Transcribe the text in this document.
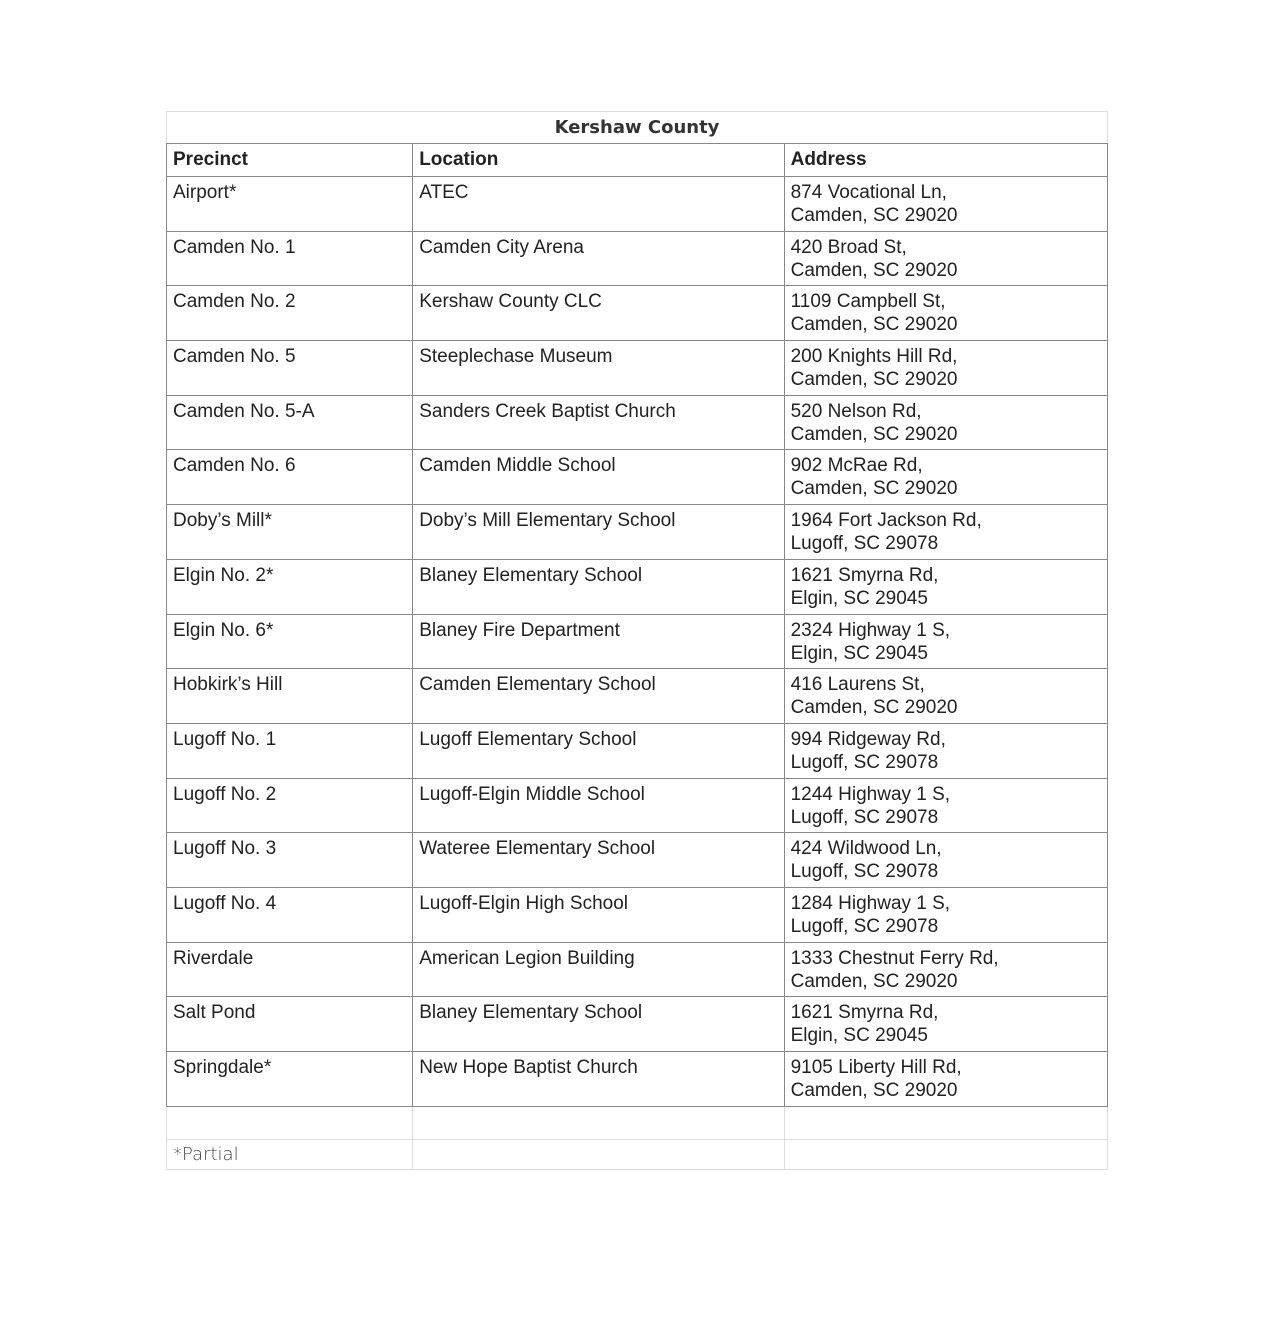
Kershaw County		
Precinct	Location	Address
Airport*	ATEC	874 Vocational Ln,
Camden, SC 29020

Camden No. 1	Camden City Arena	420 Broad St,
Camden, SC 29020

Camden No. 2	Kershaw County CLC	1109 Campbell St,
Camden, SC 29020

Camden No. 5	Steeplechase Museum	200 Knights Hill Rd,
Camden, SC 29020

Camden No. 5-A	Sanders Creek Baptist Church	520 Nelson Rd,
Camden, SC 29020

Camden No. 6	Camden Middle School	902 McRae Rd,
Camden, SC 29020

Doby’s Mill*	Doby’s Mill Elementary School	1964 Fort Jackson Rd,
Lugoff, SC 29078

Elgin No. 2*	Blaney Elementary School	1621 Smyrna Rd,
Elgin, SC 29045

Elgin No. 6*	Blaney Fire Department	2324 Highway 1 S,
Elgin, SC 29045

Hobkirk’s Hill	Camden Elementary School	416 Laurens St,
Camden, SC 29020

Lugoff No. 1	Lugoff Elementary School	994 Ridgeway Rd,
Lugoff, SC 29078

Lugoff No. 2	Lugoff-Elgin Middle School	1244 Highway 1 S,
Lugoff, SC 29078

Lugoff No. 3	Wateree Elementary School	424 Wildwood Ln,
Lugoff, SC 29078

Lugoff No. 4	Lugoff-Elgin High School	1284 Highway 1 S,
Lugoff, SC 29078

Riverdale	American Legion Building	1333 Chestnut Ferry Rd,
Camden, SC 29020

Salt Pond	Blaney Elementary School	1621 Smyrna Rd,
Elgin, SC 29045

Springdale*	New Hope Baptist Church	9105 Liberty Hill Rd,
Camden, SC 29020

*Partial		
